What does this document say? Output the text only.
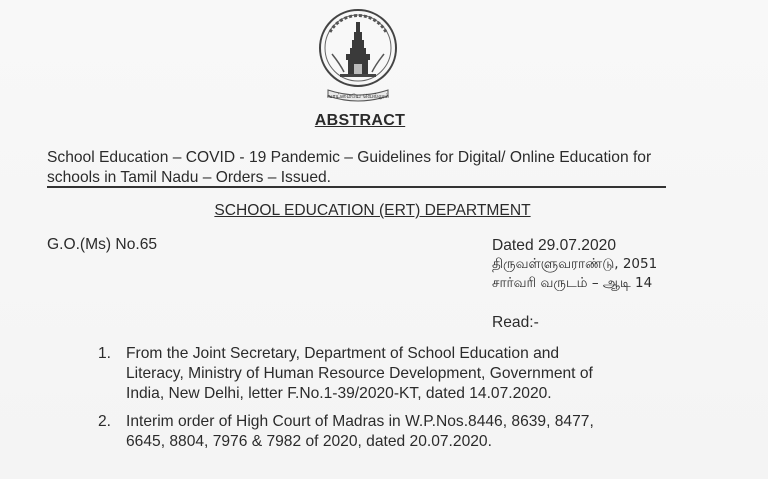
வாய்மையே வெல்லும்
ABSTRACT
School Education – COVID - 19 Pandemic – Guidelines for Digital/ Online Education for schools in Tamil Nadu – Orders – Issued.
SCHOOL EDUCATION (ERT) DEPARTMENT
G.O.(Ms) No.65	Dated 29.07.2020
திருவள்ளுவராண்டு, 2051
சார்வரி வருடம் – ஆடி 14
Read:-
1. From the Joint Secretary, Department of School Education and Literacy, Ministry of Human Resource Development, Government of India, New Delhi, letter F.No.1-39/2020-KT, dated 14.07.2020.
2. Interim order of High Court of Madras in W.P.Nos.8446, 8639, 8477, 6645, 8804, 7976 & 7982 of 2020, dated 20.07.2020.
